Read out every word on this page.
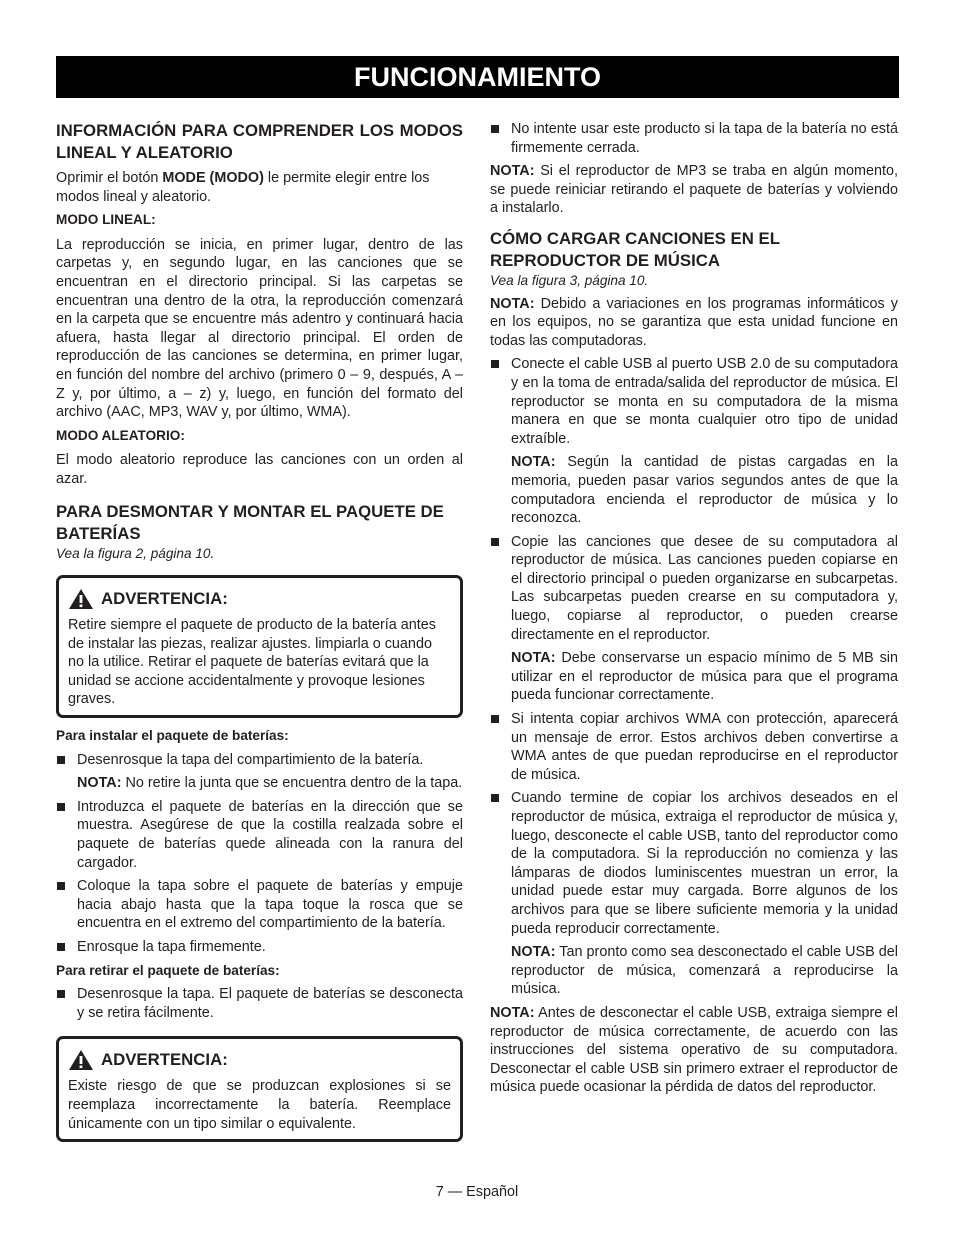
FUNCIONAMIENTO
INFORMACIÓN PARA COMPRENDER LOS MODOS LINEAL Y ALEATORIO

Oprimir el botón MODE (MODO) le permite elegir entre los modos lineal y aleatorio.

MODO LINEAL:

La reproducción se inicia, en primer lugar, dentro de las carpetas y, en segundo lugar, en las canciones que se encuentran en el directorio principal. Si las carpetas se encuentran una dentro de la otra, la reproducción comenzará en la carpeta que se encuentre más adentro y continuará hacia afuera, hasta llegar al directorio principal. El orden de reproducción de las canciones se determina, en primer lugar, en función del nombre del archivo (primero 0 – 9, después, A – Z y, por último, a – z) y, luego, en función del formato del archivo (AAC, MP3, WAV y, por último, WMA).

MODO ALEATORIO:

El modo aleatorio reproduce las canciones con un orden al azar.

PARA DESMONTAR Y MONTAR EL PAQUETE DE BATERÍAS

Vea la figura 2, página 10.

ADVERTENCIA:

Retire siempre el paquete de producto de la batería antes de instalar las piezas, realizar ajustes. limpiarla o cuando no la utilice. Retirar el paquete de baterías evitará que la unidad se accione accidentalmente y provoque lesiones graves.

Para instalar el paquete de baterías:

Desenrosque la tapa del compartimiento de la batería.

NOTA: No retire la junta que se encuentra dentro de la tapa.

Introduzca el paquete de baterías en la dirección que se muestra. Asegúrese de que la costilla realzada sobre el paquete de baterías quede alineada con la ranura del cargador.
Coloque la tapa sobre el paquete de baterías y empuje hacia abajo hasta que la tapa toque la rosca que se encuentra en el extremo del compartimiento de la batería.
Enrosque la tapa firmemente.

Para retirar el paquete de baterías:

Desenrosque la tapa. El paquete de baterías se desconecta y se retira fácilmente.
ADVERTENCIA:

Existe riesgo de que se produzcan explosiones si se reemplaza incorrectamente la batería. Reemplace únicamente con un tipo similar o equivalente.

No intente usar este producto si la tapa de la batería no está firmemente cerrada.

NOTA: Si el reproductor de MP3 se traba en algún momento, se puede reiniciar retirando el paquete de baterías y volviendo a instalarlo.

CÓMO CARGAR CANCIONES EN EL REPRODUCTOR DE MÚSICA

Vea la figura 3, página 10.

NOTA: Debido a variaciones en los programas informáticos y en los equipos, no se garantiza que esta unidad funcione en todas las computadoras.

Conecte el cable USB al puerto USB 2.0 de su computadora y en la toma de entrada/salida del reproductor de música. El reproductor se monta en su computadora de la misma manera en que se monta cualquier otro tipo de unidad extraíble.

NOTA: Según la cantidad de pistas cargadas en la memoria, pueden pasar varios segundos antes de que la computadora encienda el reproductor de música y lo reconozca.

Copie las canciones que desee de su computadora al reproductor de música. Las canciones pueden copiarse en el directorio principal o pueden organizarse en subcarpetas. Las subcarpetas pueden crearse en su computadora y, luego, copiarse al reproductor, o pueden crearse directamente en el reproductor.

NOTA: Debe conservarse un espacio mínimo de 5 MB sin utilizar en el reproductor de música para que el programa pueda funcionar correctamente.

Si intenta copiar archivos WMA con protección, aparecerá un mensaje de error. Estos archivos deben convertirse a WMA antes de que puedan reproducirse en el reproductor de música.
Cuando termine de copiar los archivos deseados en el reproductor de música, extraiga el reproductor de música y, luego, desconecte el cable USB, tanto del reproductor como de la computadora. Si la reproducción no comienza y las lámparas de diodos luminiscentes muestran un error, la unidad puede estar muy cargada. Borre algunos de los archivos para que se libere suficiente memoria y la unidad pueda reproducir correctamente.

NOTA: Tan pronto como sea desconectado el cable USB del reproductor de música, comenzará a reproducirse la música.

NOTA: Antes de desconectar el cable USB, extraiga siempre el reproductor de música correctamente, de acuerdo con las instrucciones del sistema operativo de su computadora. Desconectar el cable USB sin primero extraer el reproductor de música puede ocasionar la pérdida de datos del reproductor.

7 — Español
